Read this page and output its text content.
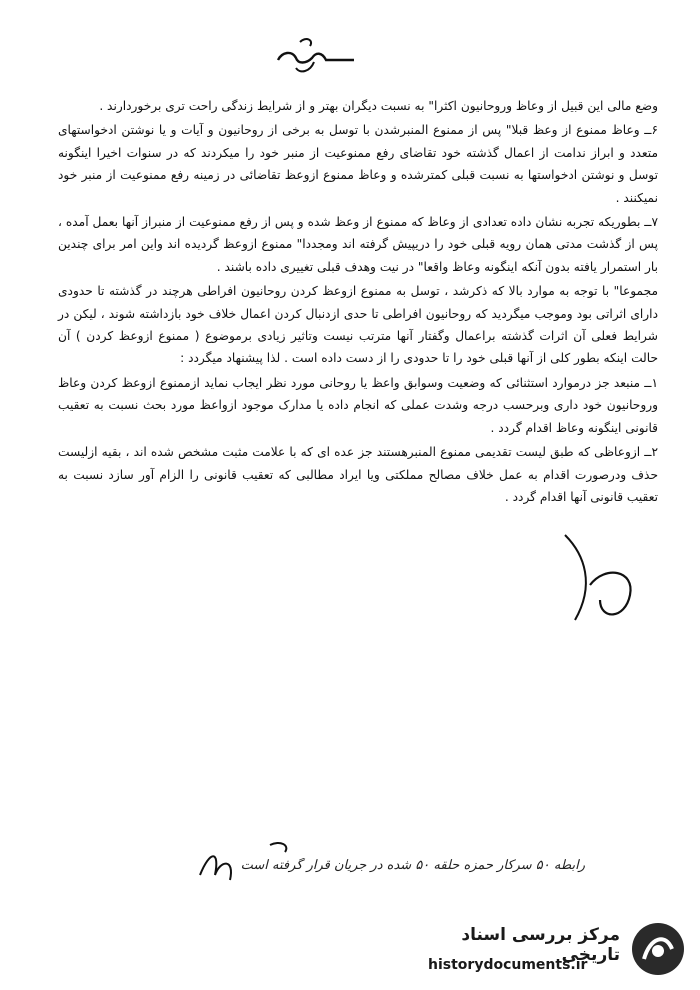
وضع مالی این قبیل از وعاظ وروحانیون اکثرا" به نسبت دیگران بهتر و از شرایط زندگی راحت تری برخوردارند .

۶ــ وعاظ ممنوع از وعظ قبلا" پس از ممنوع المنبرشدن با توسل به برخی از روحانیون و آیات و یا نوشتن ادخواستهای متعدد و ابراز ندامت از اعمال گذشته خود تقاضای رفع ممنوعیت از منبر خود را میکردند که در سنوات اخیرا اینگونه توسل و نوشتن ادخواستها به نسبت قبلی کمترشده و وعاظ ممنوع ازوعظ تقاضائی در زمینه رفع ممنوعیت از منبر خود نمیکنند .

۷ــ بطوریکه تجربه نشان داده تعدادی از وعاظ که ممنوع از وعظ شده و پس از رفع ممنوعیت از منبراز آنها بعمل آمده ، پس از گذشت مدتی همان رویه قبلی خود را دریپیش گرفته اند ومجددا" ممنوع ازوعظ گردیده اند واین امر برای چندین بار استمرار یافته بدون آنکه اینگونه وعاظ واقعا" در نیت وهدف قبلی تغییری داده باشند .

مجموعا" با توجه به موارد بالا که ذکرشد ، توسل به ممنوع ازوعظ کردن روحانیون افراطی هرچند در گذشته تا حدودی دارای اثراتی بود وموجب میگردید که روحانیون افراطی تا حدی ازدنبال کردن اعمال خلاف خود بازداشته شوند ، لیکن در شرایط فعلی آن اثرات گذشته براعمال وگفتار آنها مترتب نیست وتاثیر زیادی برموضوع ( ممنوع ازوعظ کردن ) آن حالت اینکه بطور کلی از آنها قبلی خود را تا حدودی را از دست داده است . لذا پیشنهاد میگردد :

۱ــ منبعد جز درموارد استثنائی که وضعیت وسوابق واعظ یا روحانی مورد نظر ایجاب نماید ازممنوع ازوعظ کردن وعاظ وروحانیون خود داری وبرحسب درجه وشدت عملی که انجام داده یا مدارک موجود ازواعظ مورد بحث نسبت به تعقیب قانونی اینگونه وعاظ اقدام گردد .

۲ــ ازوعاظی که طبق لیست تقدیمی ممنوع المنبرهستند جز عده ای که با علامت مثبت مشخص شده اند ، بقیه ازلیست حذف ودرصورت اقدام به عمل خلاف مصالح مملکتی ویا ایراد مطالبی که تعقیب قانونی را الزام آور سازد نسبت به تعقیب قانونی آنها اقدام گردد .

رابطه ۵۰ سرکار حمزه حلقه ۵۰ شده در جریان قرار گرفته است
مرکز بررسی اسناد تاریخی
historydocuments.ir
